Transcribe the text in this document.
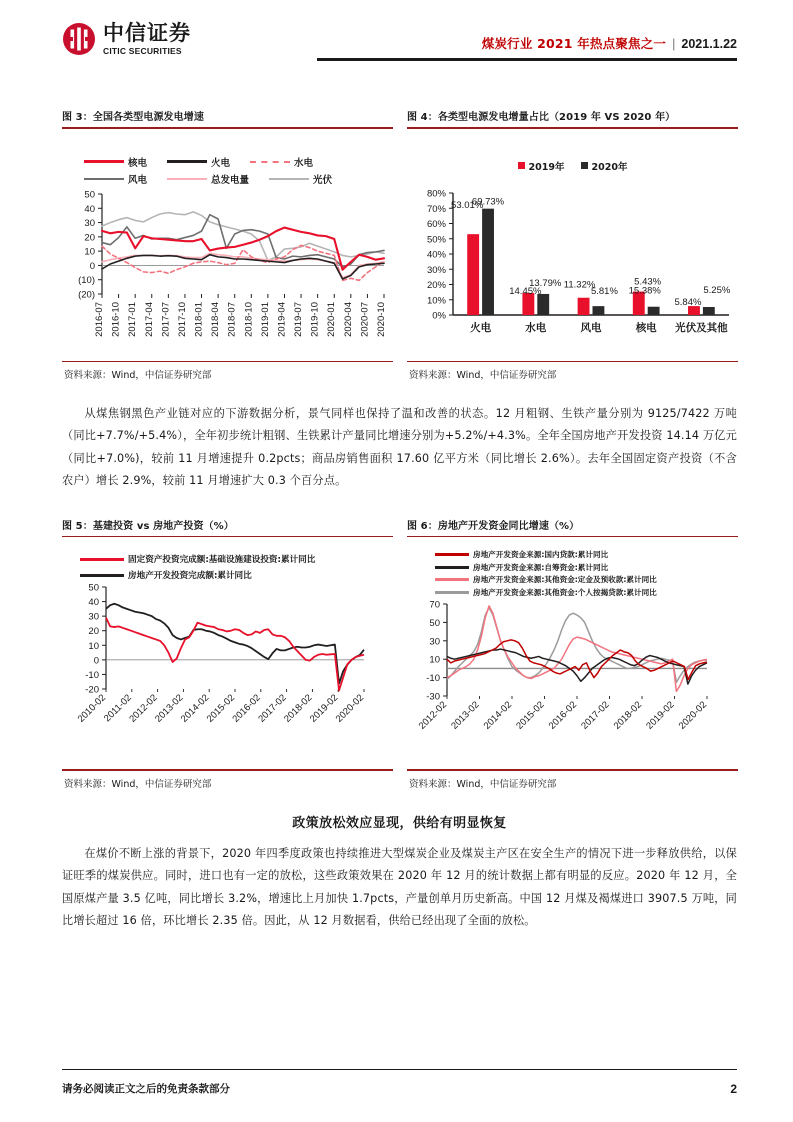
中信证券
CITIC SECURITIES	煤炭行业 2021 年热点聚焦之一 | 2021.1.22
图 3：全国各类型电源发电增速
核电	火电	水电
风电	总发电量	光伏
50
40
30
20
10
0
(10)
(20)
2016-07 2016-10 2017-01 2017-04 2017-07 2017-10 2018-01 2018-04 2018-07 2018-10 2019-01 2019-04 2019-07 2019-10 2020-01 2020-04 2020-07 2020-10
资料来源：Wind，中信证券研究部
图 4：各类型电源发电增量占比（2019 年 VS 2020 年）
2019年	2020年
80%
70%
60%
50%
40%
30%
20%
10%
0%
53.01%
69.73%
火电
14.45%
13.79%
水电
11.32%
5.81%
风电
15.38%
5.43%
核电
5.84%
5.25%
光伏及其他
资料来源：Wind，中信证券研究部

从煤焦钢黑色产业链对应的下游数据分析，景气同样也保持了温和改善的状态。12 月粗钢、生铁产量分别为 9125/7422 万吨（同比+7.7%/+5.4%），全年初步统计粗钢、生铁累计产量同比增速分别为+5.2%/+4.3%。全年全国房地产开发投资 14.14 万亿元（同比+7.0%)，较前 11 月增速提升 0.2pcts；商品房销售面积 17.60 亿平方米（同比增长 2.6%）。去年全国固定资产投资（不含农户）增长 2.9%，较前 11 月增速扩大 0.3 个百分点。

图 5：基建投资 vs 房地产投资（%）
固定资产投资完成额:基础设施建设投资:累计同比
房地产开发投资完成额:累计同比
50
40
30
20
10
0
-10
-20
2010-02
2011-02
2012-02
2013-02
2014-02
2015-02
2016-02
2017-02
2018-02
2019-02
2020-02
资料来源：Wind，中信证券研究部
图 6：房地产开发资金同比增速（%）
房地产开发资金来源:国内贷款:累计同比
房地产开发资金来源:自筹资金:累计同比
房地产开发资金来源:其他资金:定金及预收款:累计同比
房地产开发资金来源:其他资金:个人按揭贷款:累计同比
70
50
30
10
-10
-30
2012-02 2013-02 2014-02 2015-02 2016-02 2017-02 2018-02 2019-02 2020-02
资料来源：Wind，中信证券研究部
政策放松效应显现，供给有明显恢复

在煤价不断上涨的背景下，2020 年四季度政策也持续推进大型煤炭企业及煤炭主产区在安全生产的情况下进一步释放供给，以保证旺季的煤炭供应。同时，进口也有一定的放松，这些政策效果在 2020 年 12 月的统计数据上都有明显的反应。2020 年 12 月，全国原煤产量 3.5 亿吨，同比增长 3.2%，增速比上月加快 1.7pcts，产量创单月历史新高。中国 12 月煤及褐煤进口 3907.5 万吨，同比增长超过 16 倍，环比增长 2.35 倍。因此，从 12 月数据看，供给已经出现了全面的放松。

请务必阅读正文之后的免责条款部分	2
